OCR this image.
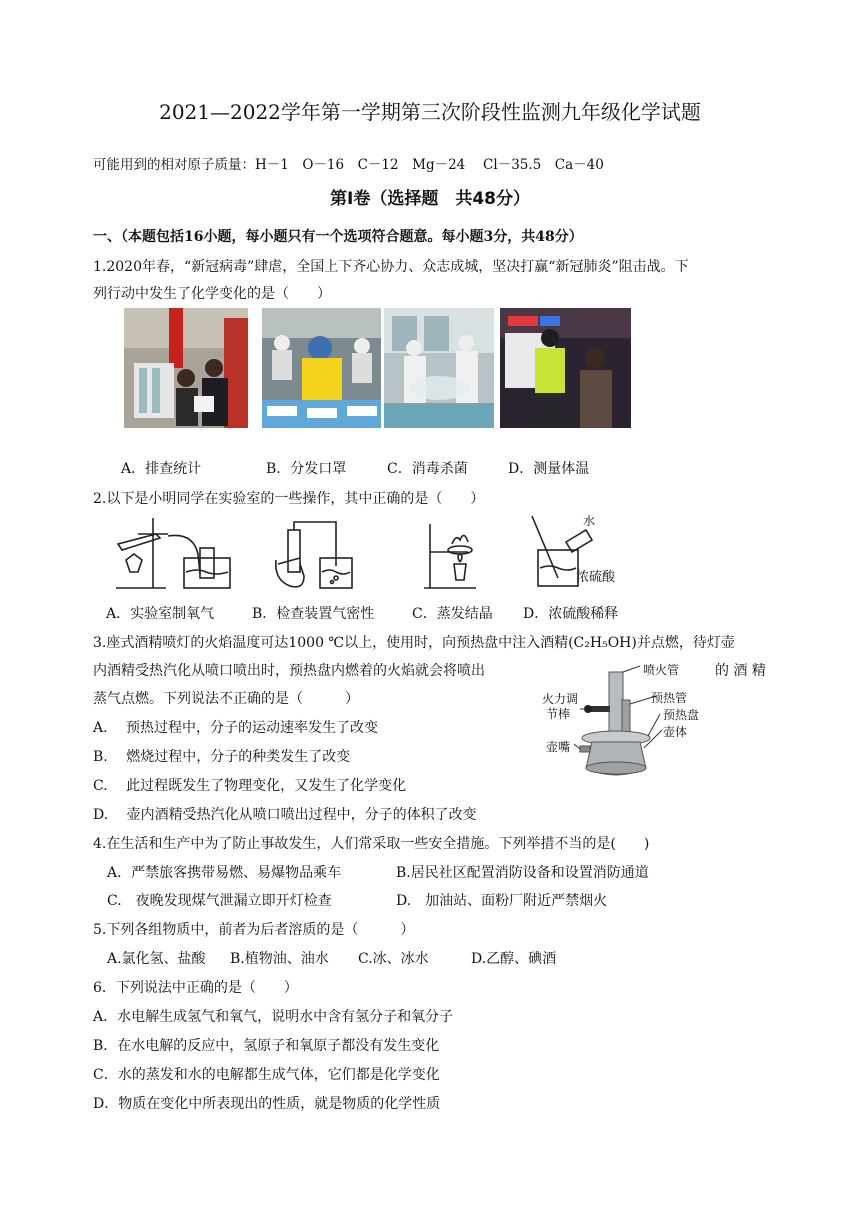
2021—2022学年第一学期第三次阶段性监测九年级化学试题
可能用到的相对原子质量：H－1　O－16　C－12　Mg－24　 Cl－35.5　Ca－40
第Ⅰ卷（选择题　共48分）
一、（本题包括16小题，每小题只有一个选项符合题意。每小题3分，共48分）
1.2020年春，“新冠病毒”肆虐，全国上下齐心协力、众志成城，坚决打赢“新冠肺炎”阻击战。下
列行动中发生了化学变化的是（　　）
A．排查统计	B．分发口罩	C．消毒杀菌	D．测量体温
2.以下是小明同学在实验室的一些操作，其中正确的是（　　）
水
浓硫酸
A．实验室制氧气	B．检查装置气密性	C．蒸发结晶 D．浓硫酸稀释
3.座式酒精喷灯的火焰温度可达1000 ℃以上，使用时，向预热盘中注入酒精(C₂H₅OH)并点燃，待灯壶
内酒精受热汽化从喷口喷出时，预热盘内燃着的火焰就会将喷出	的 酒 精
蒸气点燃。下列说法不正确的是（　　　）
A.　 预热过程中，分子的运动速率发生了改变
B.　 燃烧过程中，分子的种类发生了改变
C.　 此过程既发生了物理变化，又发生了化学变化
D.　 壶内酒精受热汽化从喷口喷出过程中，分子的体积了改变
喷火管
火力调
节棒
预热管
预热盘
壶体
壶嘴
4.在生活和生产中为了防止事故发生，人们常采取一些安全措施。下列举措不当的是(　　)
A．严禁旅客携带易燃、易爆物品乘车	B.居民社区配置消防设备和设置消防通道
C.　夜晚发现煤气泄漏立即开灯检查	D.　加油站、面粉厂附近严禁烟火
5.下列各组物质中，前者为后者溶质的是（　　　）
A.氯化氢、盐酸 B.植物油、油水 C.冰、冰水	D.乙醇、碘酒
6．下列说法中正确的是（　　）
A．水电解生成氢气和氧气，说明水中含有氢分子和氧分子
B．在水电解的反应中，氢原子和氧原子都没有发生变化
C．水的蒸发和水的电解都生成气体，它们都是化学变化
D．物质在变化中所表现出的性质，就是物质的化学性质
